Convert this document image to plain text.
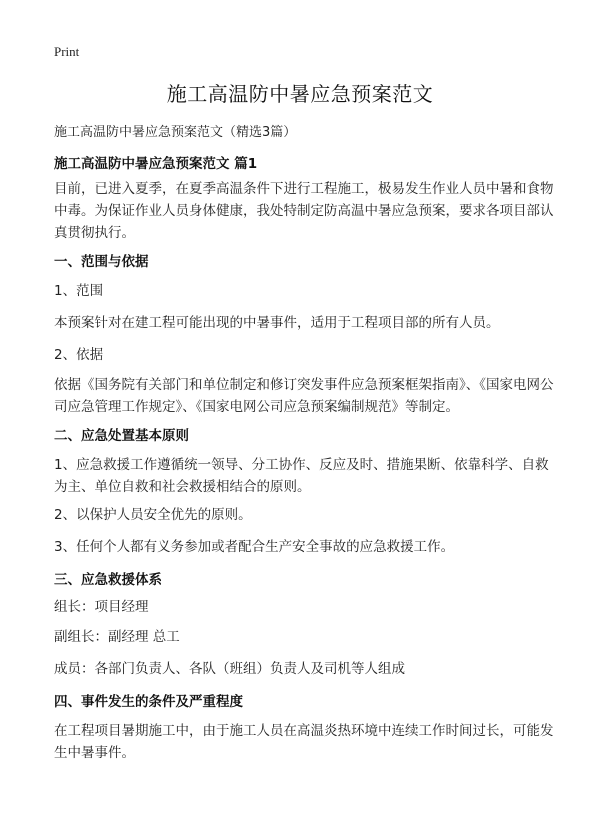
Print
施工高温防中暑应急预案范文
施工高温防中暑应急预案范文（精选3篇）
施工高温防中暑应急预案范文 篇1
目前，已进入夏季，在夏季高温条件下进行工程施工，极易发生作业人员中暑和食物中毒。为保证作业人员身体健康，我处特制定防高温中暑应急预案，要求各项目部认真贯彻执行。
一、范围与依据
1、范围
本预案针对在建工程可能出现的中暑事件，适用于工程项目部的所有人员。
2、依据
依据《国务院有关部门和单位制定和修订突发事件应急预案框架指南》、《国家电网公司应急管理工作规定》、《国家电网公司应急预案编制规范》等制定。
二、应急处置基本原则
1、应急救援工作遵循统一领导、分工协作、反应及时、措施果断、依靠科学、自救为主、单位自救和社会救援相结合的原则。
2、以保护人员安全优先的原则。
3、任何个人都有义务参加或者配合生产安全事故的应急救援工作。
三、应急救援体系
组长：项目经理
副组长：副经理 总工
成员：各部门负责人、各队（班组）负责人及司机等人组成
四、事件发生的条件及严重程度
在工程项目暑期施工中，由于施工人员在高温炎热环境中连续工作时间过长，可能发生中暑事件。
